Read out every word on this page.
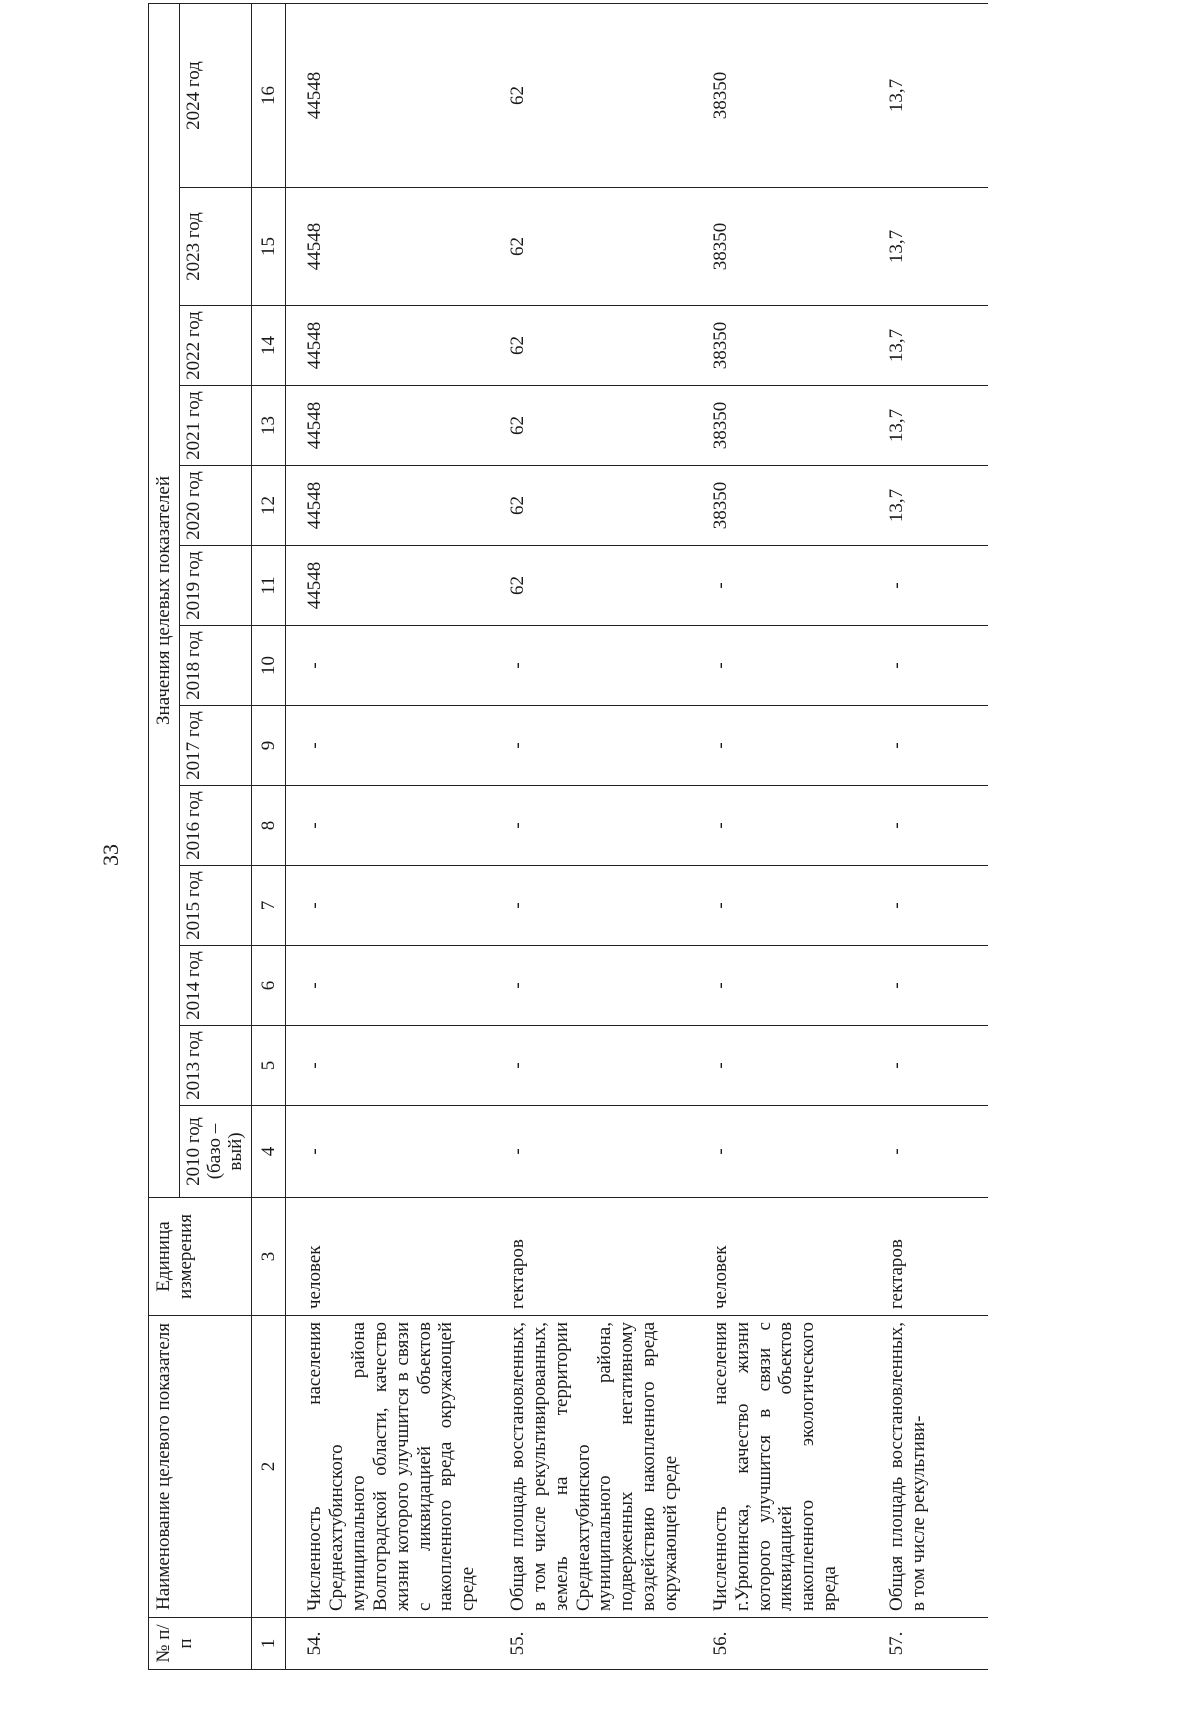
33
№ п/п	Наименование целевого показателя	Единица измерения	Значения целевых показателей												
			2010 год (базо – вый)	2013 год	2014 год	2015 год	2016 год	2017 год	2018 год	2019 год	2020 год	2021 год	2022 год	2023 год	2024 год
1	2	3	4	5	6	7	8	9	10	11	12	13	14	15	16
54.	Численность населения Среднеахтубинского муниципального района Волгоградской области, качество жизни которого улучшится в связи с ликвидацией объектов накопленного вреда окружающей среде	человек	-	-	-	-	-	-	-	44548	44548	44548	44548	44548	44548
55.	Общая площадь восстановленных, в том числе рекультивированных, земель на территории Среднеахтубинского муниципального района, подверженных негативному воздействию накопленного вреда окружающей среде	гектаров	-	-	-	-	-	-	-	62	62	62	62	62	62
56.	Численность населения г.Урюпинска, качество жизни которого улучшится в связи с ликвидацией объектов накопленного экологического вреда	человек	-	-	-	-	-	-	-	-	38350	38350	38350	38350	38350
57.	Общая площадь восстановленных, в том числе рекультиви-	гектаров	-	-	-	-	-	-	-	-	13,7	13,7	13,7	13,7	13,7
